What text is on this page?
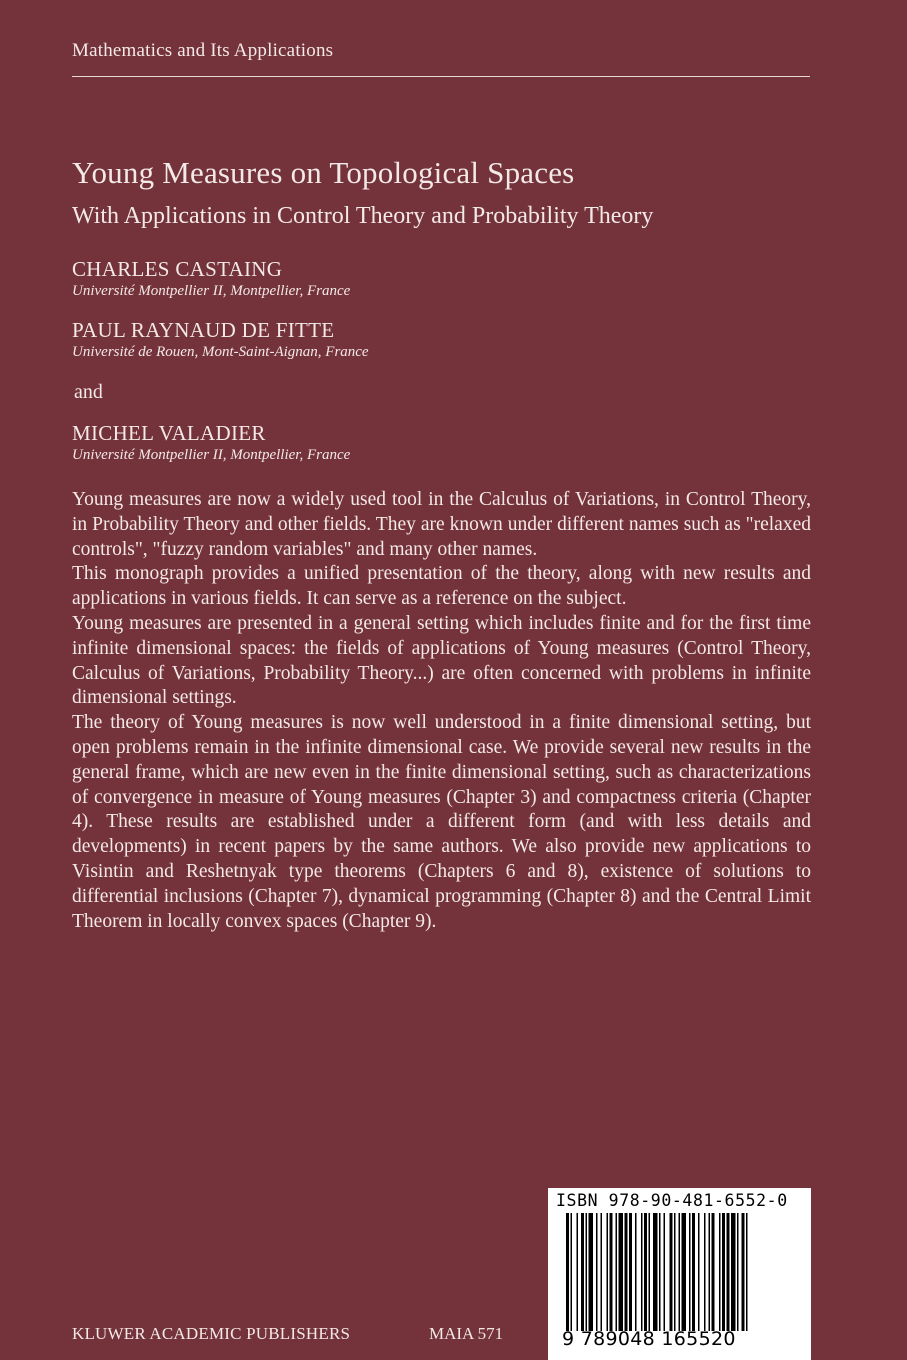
Mathematics and Its Applications
Young Measures on Topological Spaces
With Applications in Control Theory and Probability Theory
CHARLES CASTAING
Université Montpellier II, Montpellier, France
PAUL RAYNAUD DE FITTE
Université de Rouen, Mont-Saint-Aignan, France
and
MICHEL VALADIER
Université Montpellier II, Montpellier, France

Young measures are now a widely used tool in the Calculus of Variations, in Control Theory, in Probability Theory and other fields. They are known under different names such as "relaxed controls", "fuzzy random variables" and many other names.

This monograph provides a unified presentation of the theory, along with new results and applications in various fields. It can serve as a reference on the subject.

Young measures are presented in a general setting which includes finite and for the first time infinite dimensional spaces: the fields of applications of Young measures (Control Theory, Calculus of Variations, Probability Theory...) are often concerned with problems in infinite dimensional settings.

The theory of Young measures is now well understood in a finite dimensional setting, but open problems remain in the infinite dimensional case. We provide several new results in the general frame, which are new even in the finite dimensional setting, such as characterizations of convergence in measure of Young measures (Chapter 3) and compactness criteria (Chapter 4). These results are established under a different form (and with less details and developments) in recent papers by the same authors. We also provide new applications to Visintin and Reshetnyak type theorems (Chapters 6 and 8), existence of solutions to differential inclusions (Chapter 7), dynamical programming (Chapter 8) and the Central Limit Theorem in locally convex spaces (Chapter 9).

ISBN 978-90-481-6552-0
9 789048 165520
KLUWER ACADEMIC PUBLISHERS	MAIA 571
